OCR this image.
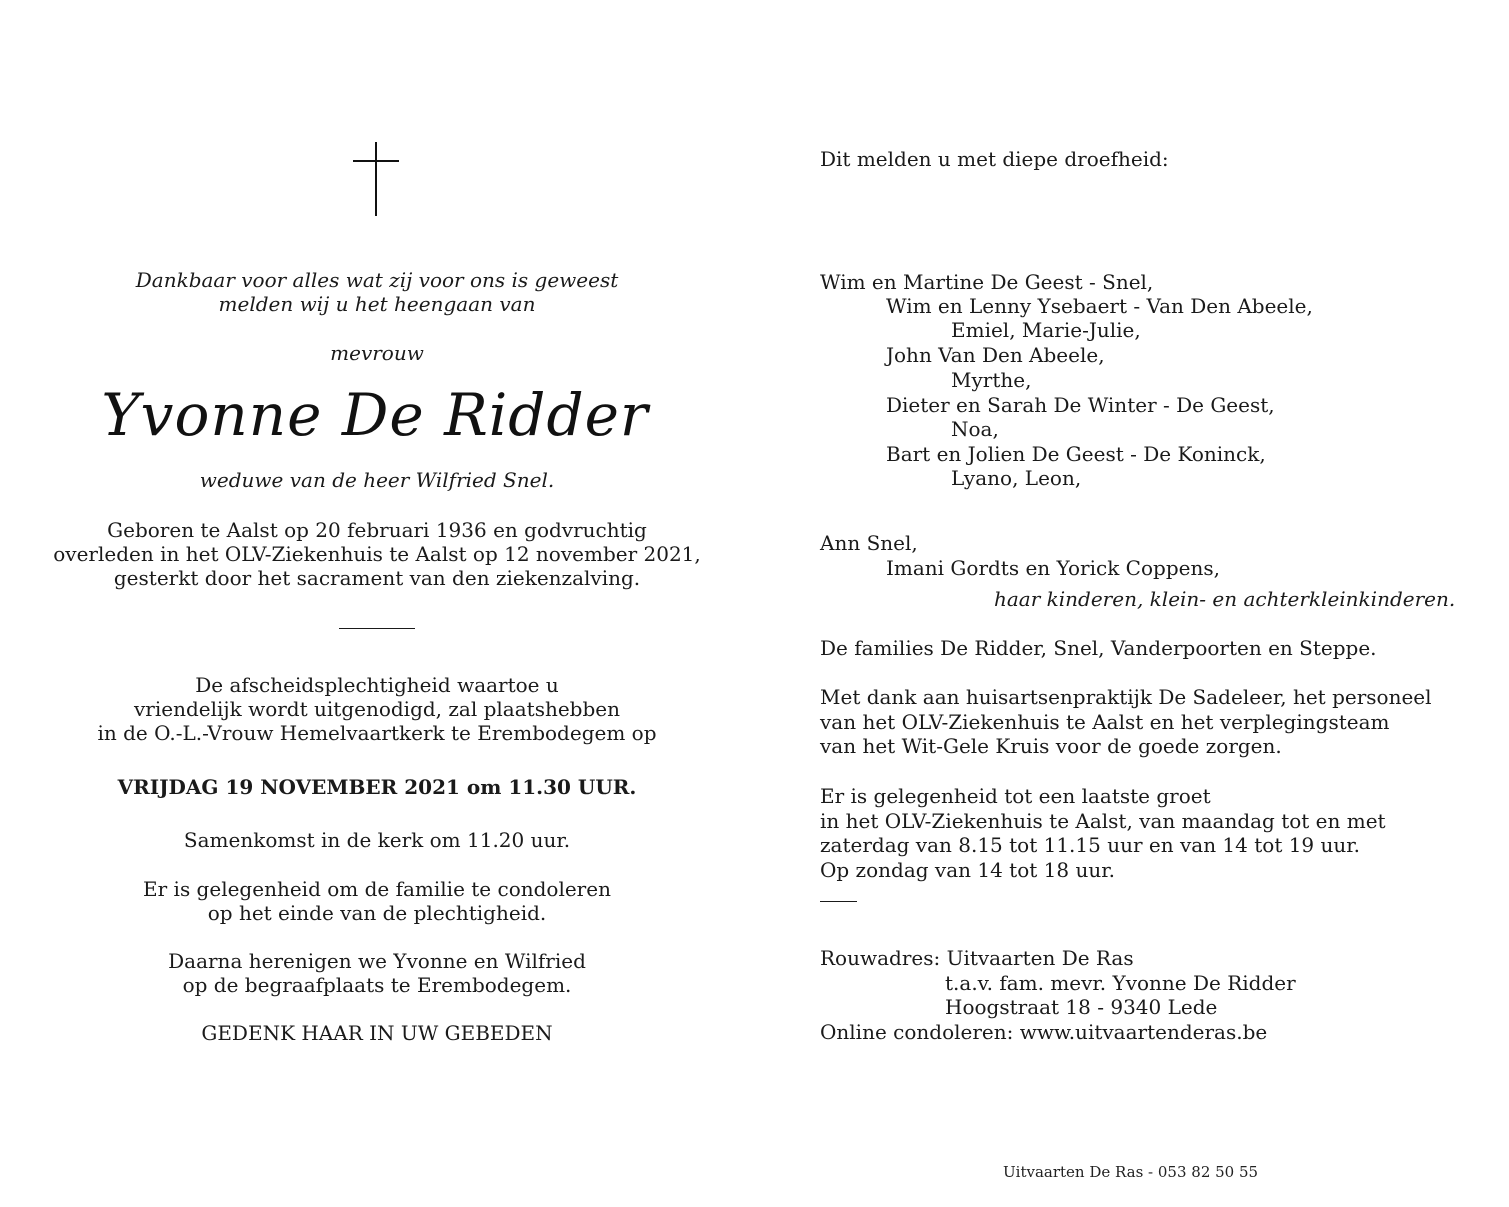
Dankbaar voor alles wat zij voor ons is geweest
melden wij u het heengaan van
mevrouw
Yvonne De Ridder
weduwe van de heer Wilfried Snel.
Geboren te Aalst op 20 februari 1936 en godvruchtig
overleden in het OLV-Ziekenhuis te Aalst op 12 november 2021,
gesterkt door het sacrament van den ziekenzalving.
De afscheidsplechtigheid waartoe u
vriendelijk wordt uitgenodigd, zal plaatshebben
in de O.-L.-Vrouw Hemelvaartkerk te Erembodegem op
VRIJDAG 19 NOVEMBER 2021 om 11.30 UUR.
Samenkomst in de kerk om 11.20 uur.
Er is gelegenheid om de familie te condoleren
op het einde van de plechtigheid.
Daarna herenigen we Yvonne en Wilfried
op de begraafplaats te Erembodegem.
GEDENK HAAR IN UW GEBEDEN
Dit melden u met diepe droefheid:
Wim en Martine De Geest - Snel,
Wim en Lenny Ysebaert - Van Den Abeele,
Emiel, Marie-Julie,
John Van Den Abeele,
Myrthe,
Dieter en Sarah De Winter - De Geest,
Noa,
Bart en Jolien De Geest - De Koninck,
Lyano, Leon,
Ann Snel,
Imani Gordts en Yorick Coppens,
haar kinderen, klein- en achterkleinkinderen.
De families De Ridder, Snel, Vanderpoorten en Steppe.
Met dank aan huisartsenpraktijk De Sadeleer, het personeel
van het OLV-Ziekenhuis te Aalst en het verplegingsteam
van het Wit-Gele Kruis voor de goede zorgen.
Er is gelegenheid tot een laatste groet
in het OLV-Ziekenhuis te Aalst, van maandag tot en met
zaterdag van 8.15 tot 11.15 uur en van 14 tot 19 uur.
Op zondag van 14 tot 18 uur.
Rouwadres: Uitvaarten De Ras
t.a.v. fam. mevr. Yvonne De Ridder
Hoogstraat 18 - 9340 Lede
Online condoleren: www.uitvaartenderas.be
Uitvaarten De Ras - 053 82 50 55
